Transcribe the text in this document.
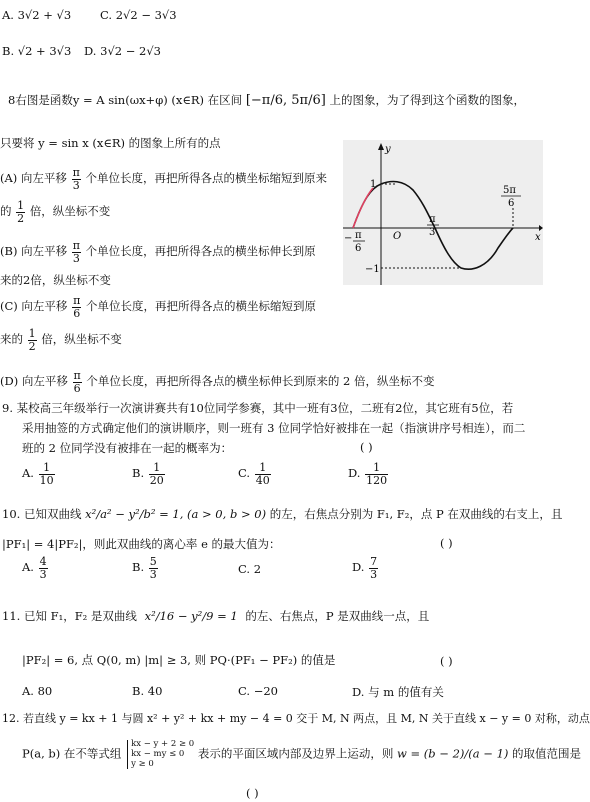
A. 3√2 + √3	C. 2√2 − 3√3
B. √2 + 3√3 D. 3√2 − 2√3
8右图是函数y = A sin(ωx+φ) (x∈R) 在区间 [−π/6, 5π/6] 上的图象，为了得到这个函数的图象，
只要将 y = sin x (x∈R) 的图象上所有的点
(A) 向左平移 $\frac{\pi}{3}$ 个单位长度，再把所得各点的横坐标缩短到原来
的 $\frac{1}{2}$ 倍，纵坐标不变
(B) 向左平移 $\frac{\pi}{3}$ 个单位长度，再把所得各点的横坐标伸长到原
来的2倍，纵坐标不变
(C) 向左平移 $\frac{\pi}{6}$ 个单位长度，再把所得各点的横坐标缩短到原
来的 $\frac{1}{2}$ 倍，纵坐标不变
(D) 向左平移 $\frac{\pi}{6}$ 个单位长度，再把所得各点的横坐标伸长到原来的 2 倍，纵坐标不变
y
x
1
−1
O
− π
6
π
3
5π
6
9. 某校高三年级举行一次演讲赛共有10位同学参赛，其中一班有3位，二班有2位，其它班有5位，若
采用抽签的方式确定他们的演讲顺序，则一班有 3 位同学恰好被排在一起（指演讲序号相连），而二
班的 2 位同学没有被排在一起的概率为：	( )
A. $\frac{1}{10}$	B. $\frac{1}{20}$	C. $\frac{1}{40}$	D. $\frac{1}{120}$
10. 已知双曲线 x²/a² − y²/b² = 1, (a > 0, b > 0) 的左，右焦点分别为 F₁, F₂，点 P 在双曲线的右支上，且
|PF₁| = 4|PF₂|，则此双曲线的离心率 e 的最大值为：	( )
A. $\frac{4}{3}$	B. $\frac{5}{3}$	C. 2	D. $\frac{7}{3}$
11. 已知 F₁，F₂ 是双曲线 x²/16 − y²/9 = 1 的左、右焦点，P 是双曲线一点，且
|PF₂| = 6, 点 Q(0, m) |m| ≥ 3, 则 PQ·(PF₁ − PF₂) 的值是	( )
A. 80	B. 40	C. −20	D. 与 m 的值有关
12. 若直线 y = kx + 1 与圆 x² + y² + kx + my − 4 = 0 交于 M, N 两点，且 M, N 关于直线 x − y = 0 对称，动点
P(a, b) 在不等式组
kx − y + 2 ≥ 0
kx − my ≤ 0
y ≥ 0
表示的平面区域内部及边界上运动，则 w = (b − 2)/(a − 1) 的取值范围是
( )
